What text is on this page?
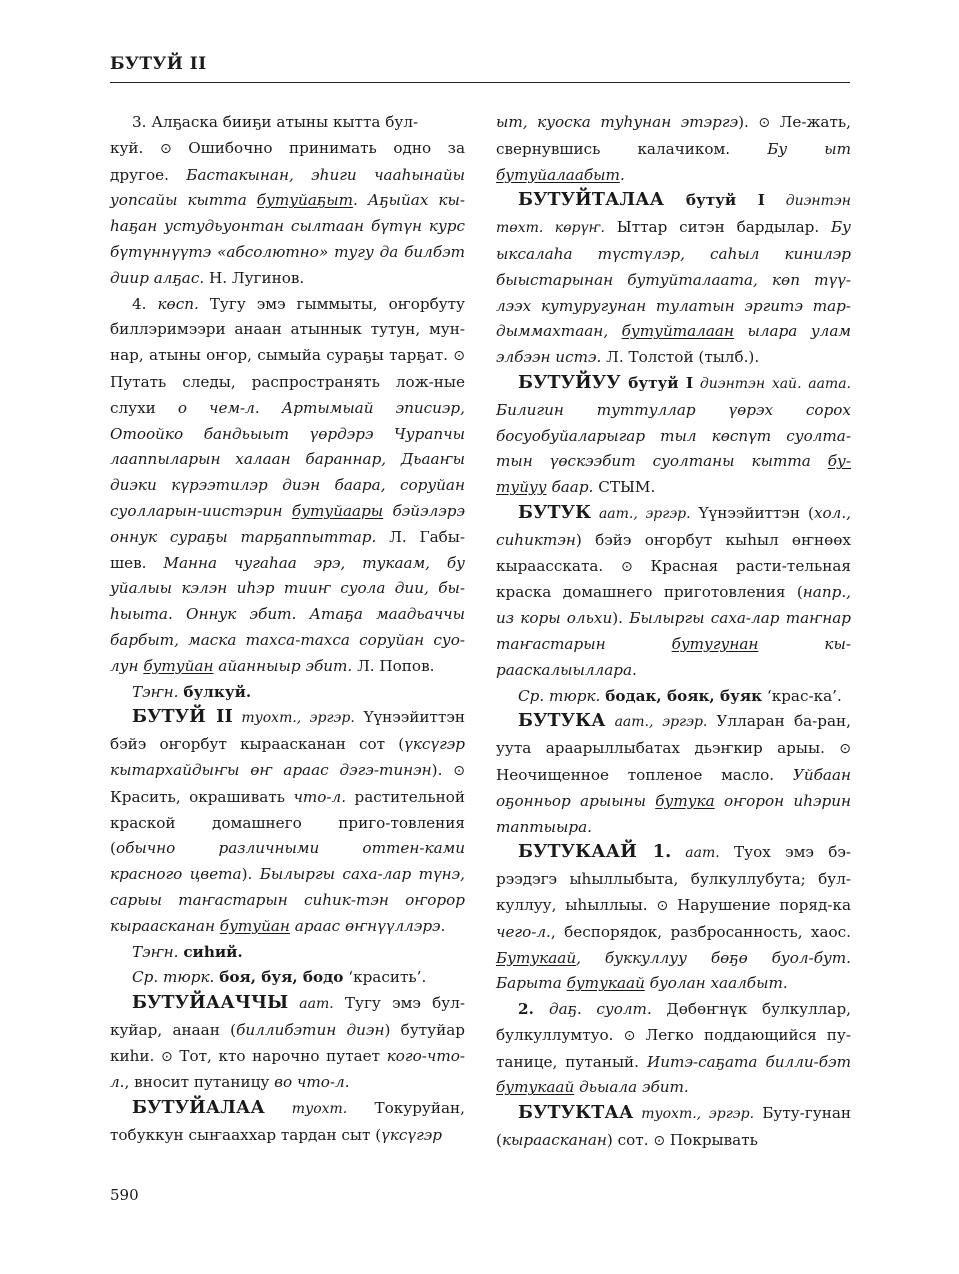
БУТУЙ II

3. Алҕаска бииҕи атыны кытта бул-
куй. ⊙ Ошибочно принимать одно за другое. Бастакынан, эһиги чааһынайы уопсайы кытта бутуйаҕыт. Аҕыйах кы-һаҕан устудьуонтан сылтаан бүтүн курс бүтүннүүтэ «абсолютно» тугу да билбэт диир алҕас. Н. Лугинов.

4. көсп. Тугу эмэ гыммыты, оҥорбуту биллэримээри анаан атыннык тутун, мун-нар, атыны оҥор, сымыйа сураҕы тарҕат. ⊙ Путать следы, распространять лож-ные слухи о чем-л. Артымыай эписиэр, Отоойко бандьыыт үөрдэрэ Чурапчы лааппыларын халаан бараннар, Дьааҥы диэки күрээтилэр диэн баара, соруйан суолларын-иистэрин бутуйаары бэйэлэрэ оннук сураҕы тарҕаппыттар. Л. Габы-шев. Манна чугаһаа эрэ, тукаам, бу уйалыы кэлэн иһэр тииҥ суола дии, бы-һыыта. Оннук эбит. Атаҕа маадьаччы барбыт, маска тахса-тахса соруйан суо-лун бутуйан айанныыр эбит. Л. Попов.

Тэҥн. булкуй.

БУТУЙ II туохт., эргэр. Үүнээйиттэн бэйэ оҥорбут кыраасканан сот (үксүгэр кытархайдыҥы өҥ араас дэгэ-тинэн). ⊙ Красить, окрашивать что-л. растительной краской домашнего приго-товления (обычно различными оттен-ками красного цвета). Былыргы саха-лар түнэ, сарыы таҥастарын сиһик-тэн оҥорор кыраасканан бутуйан араас өҥнүүллэрэ.

Тэҥн. сиһий.

Ср. тюрк. боя, буя, бодо ‘красить’.

БУТУЙААЧЧЫ аат. Тугу эмэ бул-куйар, анаан (биллибэтин диэн) бутуйар киһи. ⊙ Тот, кто нарочно путает кого-что-л., вносит путаницу во что-л.

БУТУЙАЛАА туохт. Токуруйан, тобуккун сыҥааххар тардан сыт (үксүгэр

ыт, куоска туһунан этэргэ). ⊙ Ле-жать, свернувшись калачиком. Бу ыт бутуйалаабыт.

БУТУЙТАЛАА бутуй I диэнтэн төхт. көрүҥ. Ыттар ситэн бардылар. Бу ыксалаһа түстүлэр, саһыл кинилэр быыстарынан бутуйталаата, көп түү-лээх кутуругунан тулатын эргитэ тар-дыммахтаан, бутуйталаан ылара улам элбээн истэ. Л. Толстой (тылб.).

БУТУЙУУ бутуй I диэнтэн хай. аата. Билигин туттуллар үөрэх сорох босуобуйаларыгар тыл көспүт суолта-тын үөскээбит суолтаны кытта бу-туйуу баар. СТЫМ.

БУТУК аат., эргэр. Үүнээйиттэн (хол., сиһиктэн) бэйэ оҥорбут кыһыл өҥнөөх кыраасската. ⊙ Красная расти-тельная краска домашнего приготовления (напр., из коры ольхи). Былыргы саха-лар таҥнар таҥастарын бутугунан кы-рааскалыыллара.

Ср. тюрк. бодак, бояк, буяк ‘крас-ка’.

БУТУКА аат., эргэр. Улларан ба-ран, уута араарыллыбатах дьэҥкир арыы. ⊙ Неочищенное топленое масло. Уйбаан оҕонньор арыыны бутука оҥорон иһэрин таптыыра.

БУТУКААЙ 1. аат. Туох эмэ бэ-рээдэгэ ыһыллыбыта, булкуллубута; бул-куллуу, ыһыллыы. ⊙ Нарушение поряд-ка чего-л., беспорядок, разбросанность, хаос. Бутукаай, буккуллуу бөҕө буол-бут. Барыта бутукаай буолан хаалбыт.

2. даҕ. суолт. Дөбөҥнүк булкуллар, булкуллумтуо. ⊙ Легко поддающийся пу-танице, путаный. Иитэ-саҕата билли-бэт бутукаай дьыала эбит.

БУТУКТАА туохт., эргэр. Буту-гунан (кыраасканан) сот. ⊙ Покрывать

590
